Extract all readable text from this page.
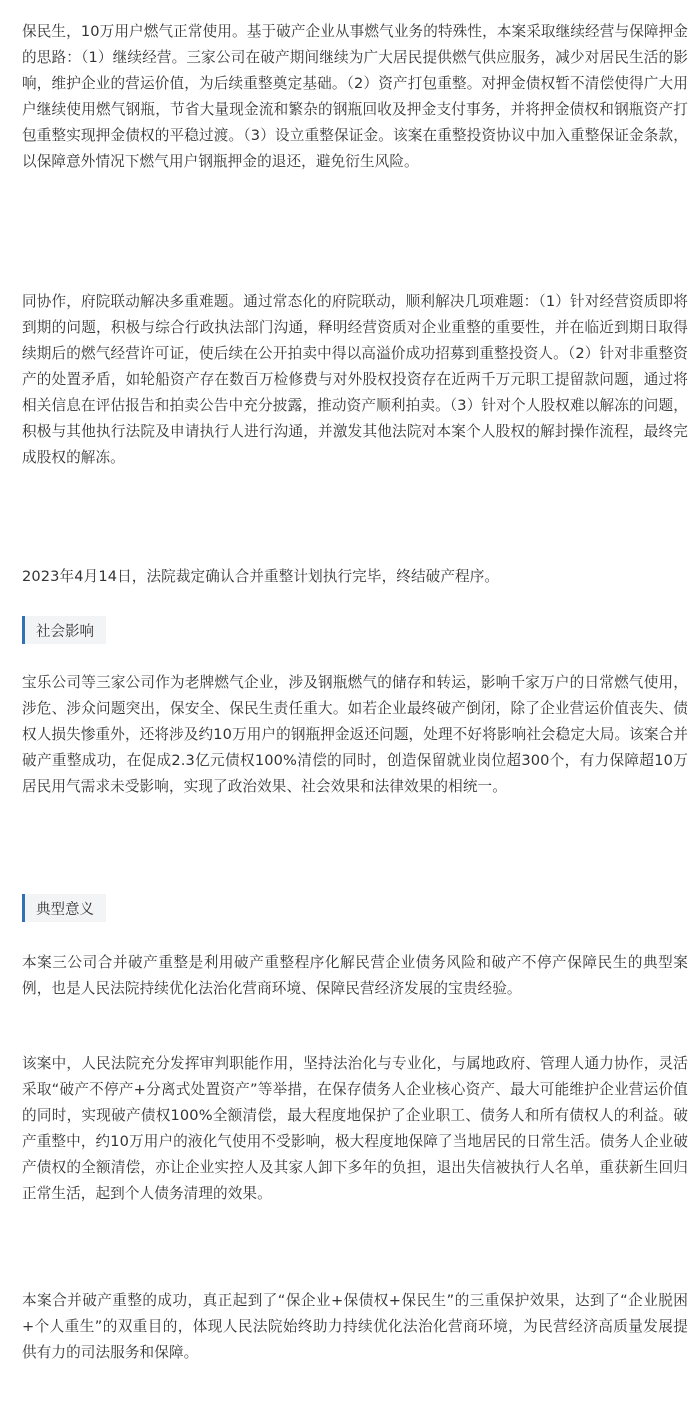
保民生，10万用户燃气正常使用。基于破产企业从事燃气业务的特殊性，本案采取继续经营与保障押金的思路：（1）继续经营。三家公司在破产期间继续为广大居民提供燃气供应服务，减少对居民生活的影响，维护企业的营运价值，为后续重整奠定基础。（2）资产打包重整。对押金债权暂不清偿使得广大用户继续使用燃气钢瓶，节省大量现金流和繁杂的钢瓶回收及押金支付事务，并将押金债权和钢瓶资产打包重整实现押金债权的平稳过渡。（3）设立重整保证金。该案在重整投资协议中加入重整保证金条款，以保障意外情况下燃气用户钢瓶押金的退还，避免衍生风险。

同协作，府院联动解决多重难题。通过常态化的府院联动，顺利解决几项难题：（1）针对经营资质即将到期的问题，积极与综合行政执法部门沟通，释明经营资质对企业重整的重要性，并在临近到期日取得续期后的燃气经营许可证，使后续在公开拍卖中得以高溢价成功招募到重整投资人。（2）针对非重整资产的处置矛盾，如轮船资产存在数百万检修费与对外股权投资存在近两千万元职工提留款问题，通过将相关信息在评估报告和拍卖公告中充分披露，推动资产顺利拍卖。（3）针对个人股权难以解冻的问题，积极与其他执行法院及申请执行人进行沟通，并激发其他法院对本案个人股权的解封操作流程，最终完成股权的解冻。

2023年4月14日，法院裁定确认合并重整计划执行完毕，终结破产程序。

社会影响

宝乐公司等三家公司作为老牌燃气企业，涉及钢瓶燃气的储存和转运，影响千家万户的日常燃气使用，涉危、涉众问题突出，保安全、保民生责任重大。如若企业最终破产倒闭，除了企业营运价值丧失、债权人损失惨重外，还将涉及约10万用户的钢瓶押金返还问题，处理不好将影响社会稳定大局。该案合并破产重整成功，在促成2.3亿元债权100%清偿的同时，创造保留就业岗位超300个，有力保障超10万居民用气需求未受影响，实现了政治效果、社会效果和法律效果的相统一。

典型意义

本案三公司合并破产重整是利用破产重整程序化解民营企业债务风险和破产不停产保障民生的典型案例，也是人民法院持续优化法治化营商环境、保障民营经济发展的宝贵经验。

该案中，人民法院充分发挥审判职能作用，坚持法治化与专业化，与属地政府、管理人通力协作，灵活采取“破产不停产+分离式处置资产”等举措，在保存债务人企业核心资产、最大可能维护企业营运价值的同时，实现破产债权100%全额清偿，最大程度地保护了企业职工、债务人和所有债权人的利益。破产重整中，约10万用户的液化气使用不受影响，极大程度地保障了当地居民的日常生活。债务人企业破产债权的全额清偿，亦让企业实控人及其家人卸下多年的负担，退出失信被执行人名单，重获新生回归正常生活，起到个人债务清理的效果。

本案合并破产重整的成功，真正起到了“保企业+保债权+保民生”的三重保护效果，达到了“企业脱困+个人重生”的双重目的，体现人民法院始终助力持续优化法治化营商环境，为民营经济高质量发展提供有力的司法服务和保障。
